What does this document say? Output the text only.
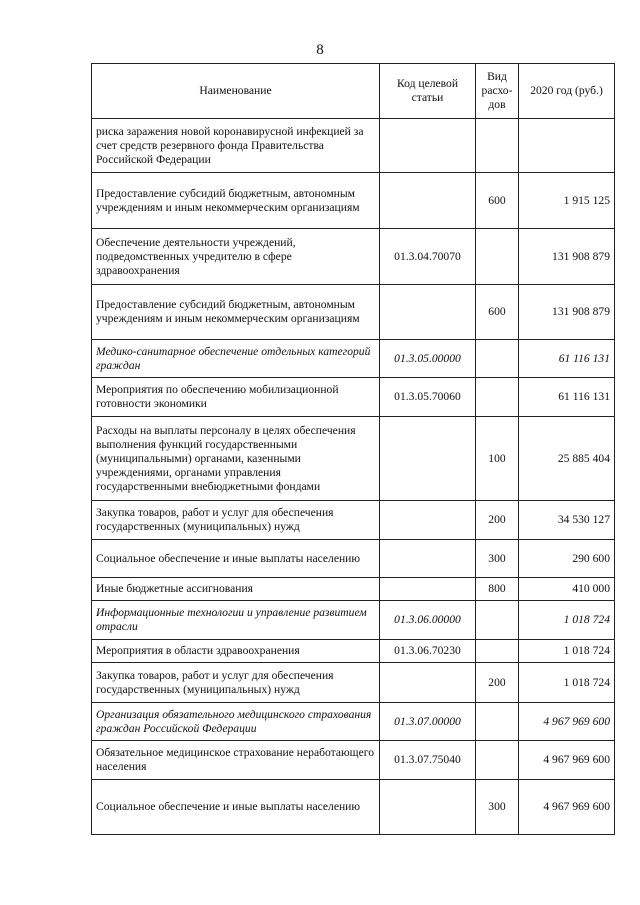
8
Наименование	Код целевой статьи	Вид расхо-дов	2020 год (руб.)
риска заражения новой коронавирусной инфекцией за счет средств резервного фонда Правительства Российской Федерации			
Предоставление субсидий бюджетным, автономным учреждениям и иным некоммерческим организациям		600	1 915 125
Обеспечение деятельности учреждений, подведомственных учредителю в сфере здравоохранения	01.3.04.70070		131 908 879
Предоставление субсидий бюджетным, автономным учреждениям и иным некоммерческим организациям		600	131 908 879
Медико-санитарное обеспечение отдельных категорий граждан	01.3.05.00000		61 116 131
Мероприятия по обеспечению мобилизационной готовности экономики	01.3.05.70060		61 116 131
Расходы на выплаты персоналу в целях обеспечения выполнения функций государственными (муниципальными) органами, казенными учреждениями, органами управления государственными внебюджетными фондами		100	25 885 404
Закупка товаров, работ и услуг для обеспечения государственных (муниципальных) нужд		200	34 530 127
Социальное обеспечение и иные выплаты населению		300	290 600
Иные бюджетные ассигнования		800	410 000
Информационные технологии и управление развитием отрасли	01.3.06.00000		1 018 724
Мероприятия в области здравоохранения	01.3.06.70230		1 018 724
Закупка товаров, работ и услуг для обеспечения государственных (муниципальных) нужд		200	1 018 724
Организация обязательного медицинского страхования граждан Российской Федерации	01.3.07.00000		4 967 969 600
Обязательное медицинское страхование неработающего населения	01.3.07.75040		4 967 969 600
Социальное обеспечение и иные выплаты населению		300	4 967 969 600
